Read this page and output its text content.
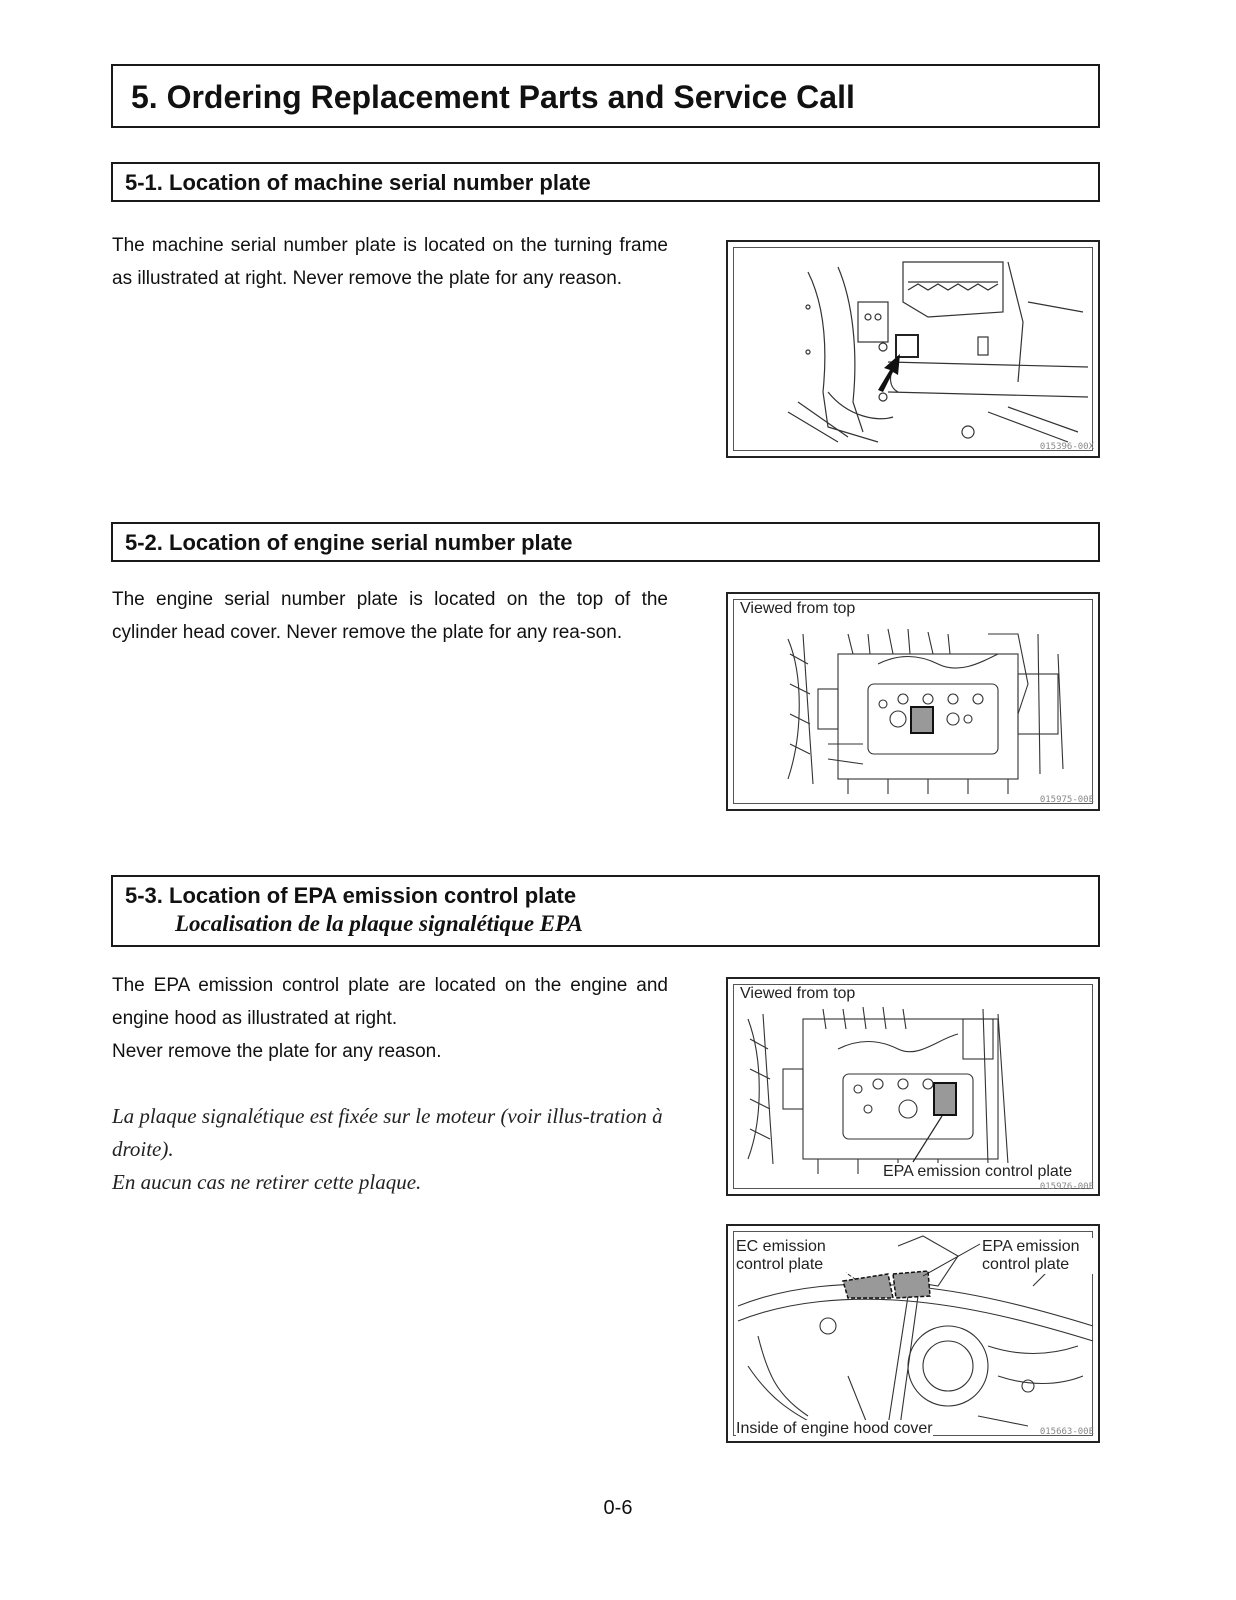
5. Ordering Replacement Parts and Service Call
5-1. Location of machine serial number plate

The machine serial number plate is located on the turning frame as illustrated at right. Never remove the plate for any reason.

015396-00X
5-2. Location of engine serial number plate

The engine serial number plate is located on the top of the cylinder head cover. Never remove the plate for any rea-son.

Viewed from top
015975-00E
5-3. Location of EPA emission control plate
Localisation de la plaque signalétique EPA

The EPA emission control plate are located on the engine and engine hood as illustrated at right.
Never remove the plate for any reason.

La plaque signalétique est fixée sur le moteur (voir illus-tration à droite).
En aucun cas ne retirer cette plaque.

Viewed from top
EPA emission control plate
015976-00E
EC emission control plate
EPA emission control plate
Inside of engine hood cover	015663-00E
0-6
